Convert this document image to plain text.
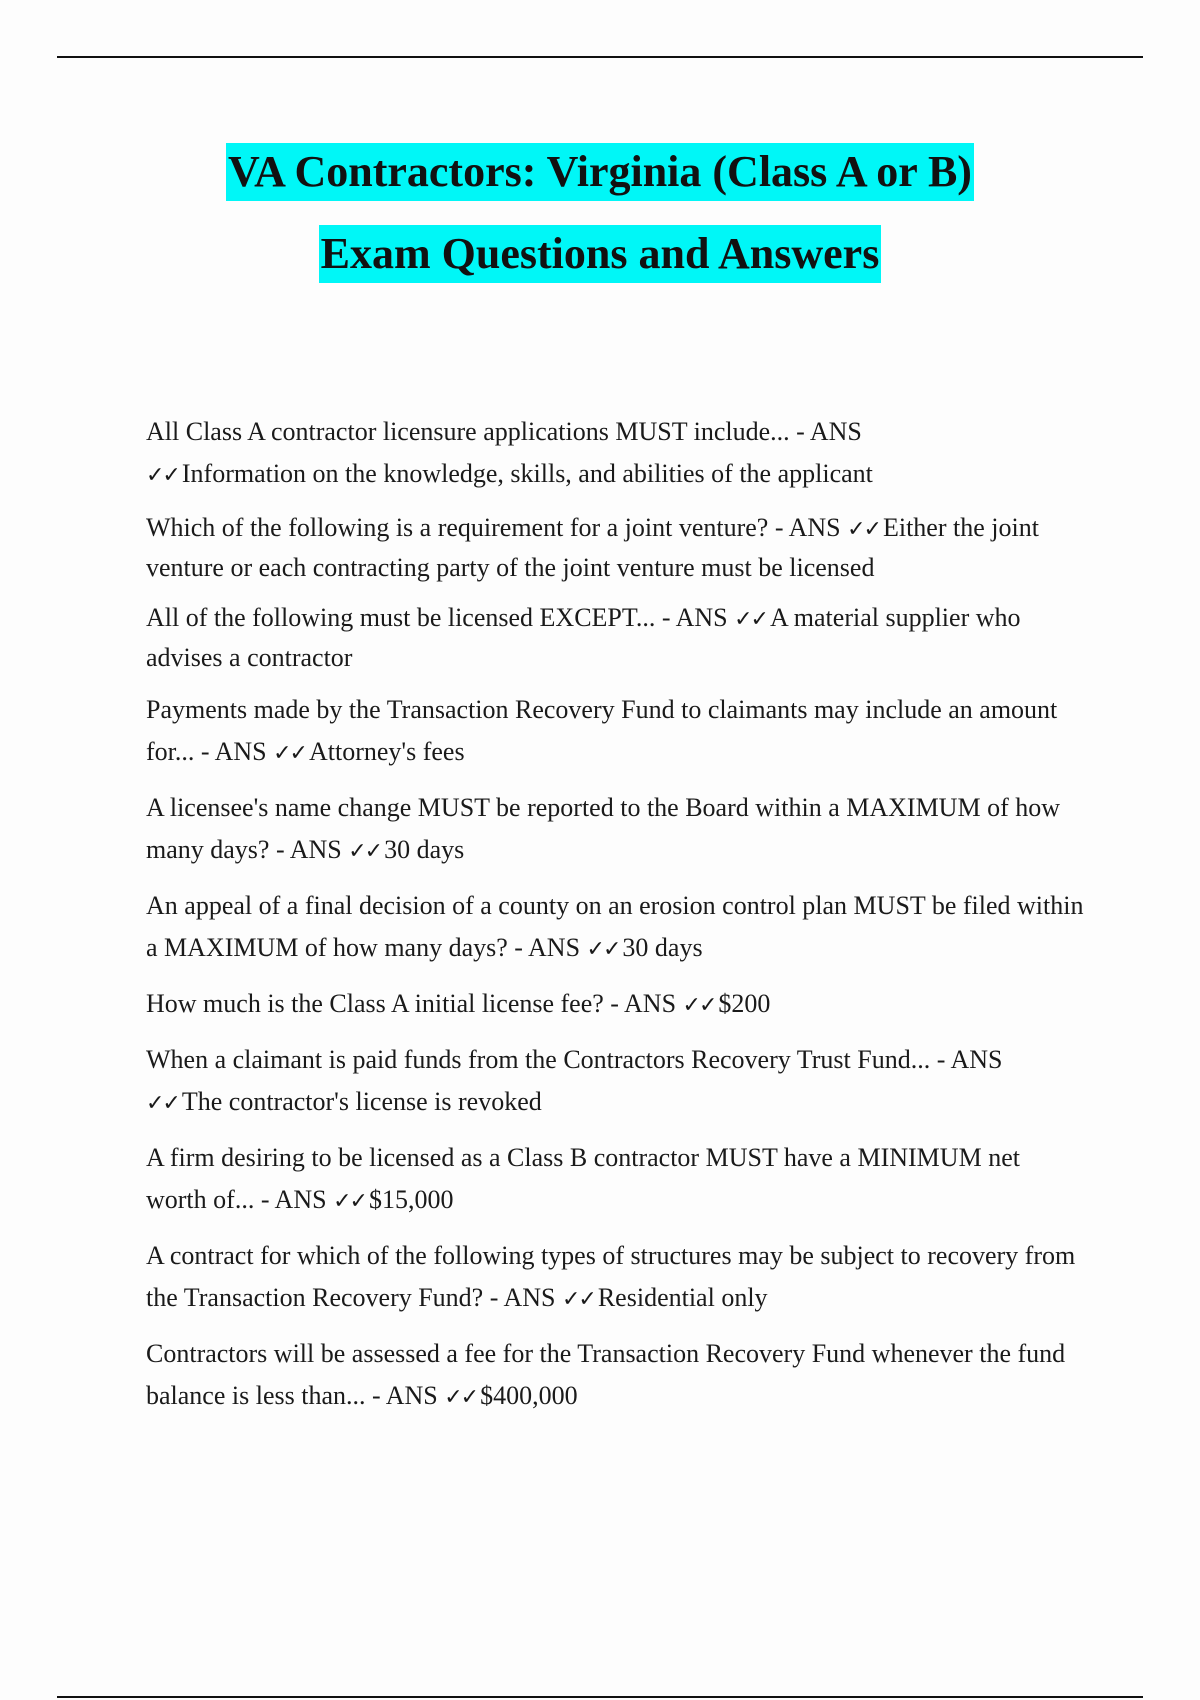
VA Contractors: Virginia (Class A or B)
Exam Questions and Answers

All Class A contractor licensure applications MUST include... - ANS
✓✓ Information on the knowledge, skills, and abilities of the applicant

Which of the following is a requirement for a joint venture? - ANS ✓✓ Either the joint venture or each contracting party of the joint venture must be licensed

All of the following must be licensed EXCEPT... - ANS ✓✓ A material supplier who advises a contractor

Payments made by the Transaction Recovery Fund to claimants may include an amount for... - ANS ✓✓ Attorney's fees

A licensee's name change MUST be reported to the Board within a MAXIMUM of how many days? - ANS ✓✓ 30 days

An appeal of a final decision of a county on an erosion control plan MUST be filed within a MAXIMUM of how many days? - ANS ✓✓ 30 days

How much is the Class A initial license fee? - ANS ✓✓ $200

When a claimant is paid funds from the Contractors Recovery Trust Fund... - ANS
✓✓ The contractor's license is revoked

A firm desiring to be licensed as a Class B contractor MUST have a MINIMUM net worth of... - ANS ✓✓ $15,000

A contract for which of the following types of structures may be subject to recovery from the Transaction Recovery Fund? - ANS ✓✓ Residential only

Contractors will be assessed a fee for the Transaction Recovery Fund whenever the fund balance is less than... - ANS ✓✓ $400,000
